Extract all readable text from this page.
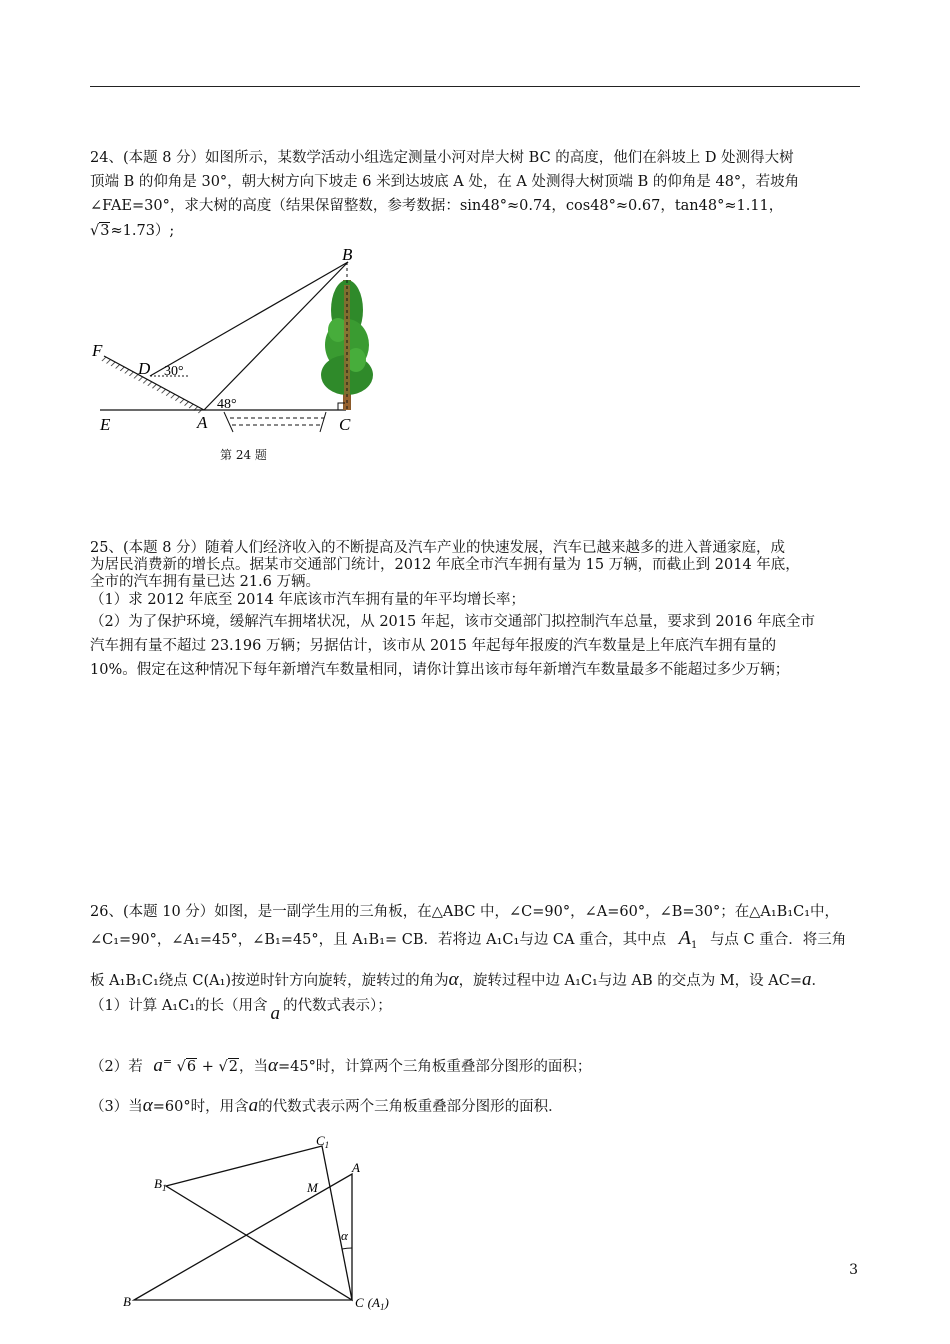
24、(本题 8 分）如图所示，某数学活动小组选定测量小河对岸大树 BC 的高度，他们在斜坡上 D 处测得大树
顶端 B 的仰角是 30°，朝大树方向下坡走 6 米到达坡底 A 处，在 A 处测得大树顶端 B 的仰角是 48°，若坡角
∠FAE=30°，求大树的高度（结果保留整数，参考数据：sin48°≈0.74，cos48°≈0.67，tan48°≈1.11，
√3≈1.73）;
B
F
D 30°
48°
E	A	C
第 24 题
25、(本题 8 分）随着人们经济收入的不断提高及汽车产业的快速发展，汽车已越来越多的进入普通家庭，成
为居民消费新的增长点。据某市交通部门统计，2012 年底全市汽车拥有量为 15 万辆，而截止到 2014 年底，
全市的汽车拥有量已达 21.6 万辆。
（1）求 2012 年底至 2014 年底该市汽车拥有量的年平均增长率；
（2）为了保护环境，缓解汽车拥堵状况，从 2015 年起，该市交通部门拟控制汽车总量，要求到 2016 年底全市
汽车拥有量不超过 23.196 万辆；另据估计，该市从 2015 年起每年报废的汽车数量是上年底汽车拥有量的
10%。假定在这种情况下每年新增汽车数量相同，请你计算出该市每年新增汽车数量最多不能超过多少万辆；
26、(本题 10 分）如图，是一副学生用的三角板，在△ABC 中，∠C=90°，∠A=60°，∠B=30°；在△A₁B₁C₁中，
∠C₁=90°，∠A₁=45°，∠B₁=45°，且 A₁B₁= CB．若将边 A₁C₁与边 CA 重合，其中点 $A_1$ 与点 C 重合．将三角
板 A₁B₁C₁绕点 C(A₁)按逆时针方向旋转，旋转过的角为α，旋转过程中边 A₁C₁与边 AB 的交点为 M，设 AC=a．
（1）计算 A₁C₁的长（用含 a 的代数式表示）；
（2）若 a= √6 + √2，当α=45°时，计算两个三角板重叠部分图形的面积；
（3）当α=60°时，用含a的代数式表示两个三角板重叠部分图形的面积．
$C_1$
A
$B_1$	M
α
B	C $(A_1)$
3
